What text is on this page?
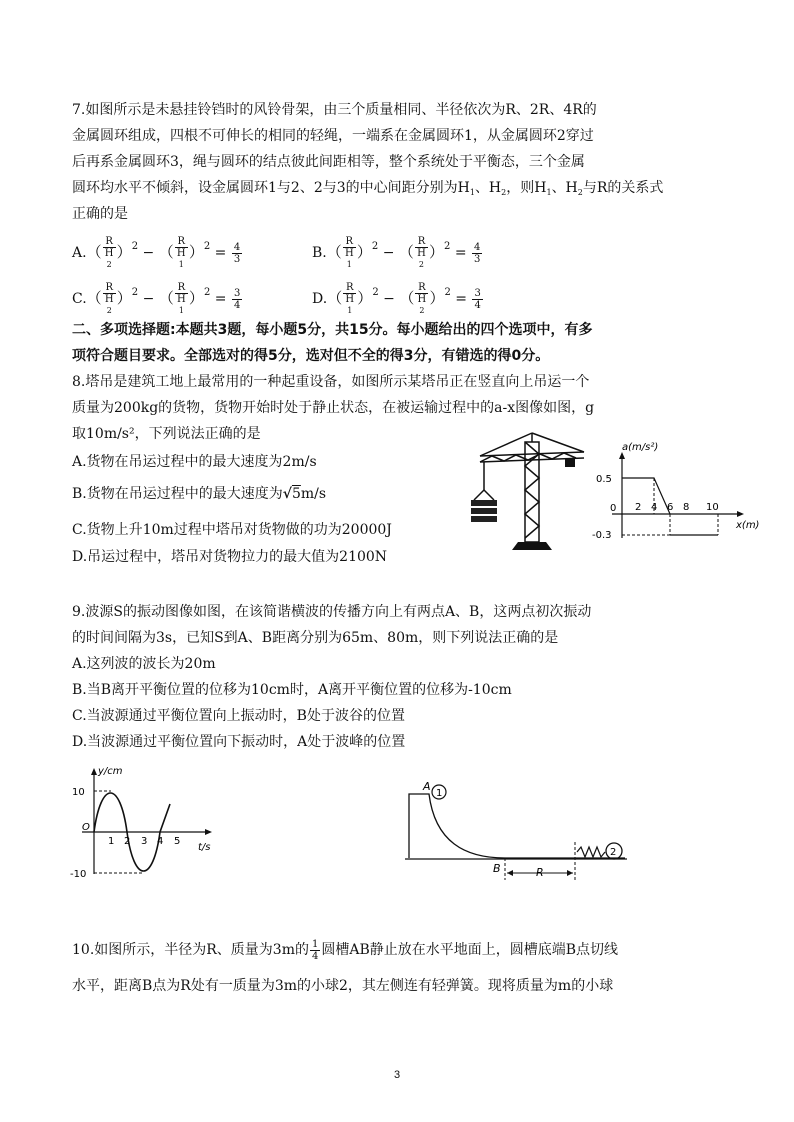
7.如图所示是未悬挂铃铛时的风铃骨架，由三个质量相同、半径依次为R、2R、4R的
金属圆环组成，四根不可伸长的相同的轻绳，一端系在金属圆环1，从金属圆环2穿过
后再系金属圆环3，绳与圆环的结点彼此间距相等，整个系统处于平衡态，三个金属
圆环均水平不倾斜，设金属圆环1与2、2与3的中心间距分别为$H_1$、$H_2$，则$H_1$、$H_2$与R的关系式
正确的是
A.（ R
H
2 ）$^2$ − （ R
H
1 ）$^2 = \frac{4}{3}$	B.（ R
H
1 ）$^2$ − （ R
H
2 ）$^2 = \frac{4}{3}$
C.（ R
H
2 ）$^2$ − （ R
H
1 ）$^2 = \frac{3}{4}$	D.（ R
H
1 ）$^2$ − （ R
H
2 ）$^2 = \frac{3}{4}$
二、多项选择题:本题共3题，每小题5分，共15分。每小题给出的四个选项中，有多
项符合题目要求。全部选对的得5分，选对但不全的得3分，有错选的得0分。
8.塔吊是建筑工地上最常用的一种起重设备，如图所示某塔吊正在竖直向上吊运一个
质量为200kg的货物，货物开始时处于静止状态，在被运输过程中的a-x图像如图，g
取10m/s²，下列说法正确的是
A.货物在吊运过程中的最大速度为2m/s
B.货物在吊运过程中的最大速度为√5m/s
C.货物上升10m过程中塔吊对货物做的功为20000J
D.吊运过程中，塔吊对货物拉力的最大值为2100N
a(m/s²)
x(m)
0.5
0
-0.3
2 4 6 8 10
9.波源S的振动图像如图，在该简谐横波的传播方向上有两点A、B，这两点初次振动
的时间间隔为3s，已知S到A、B距离分别为65m、80m，则下列说法正确的是
A.这列波的波长为20m
B.当B离开平衡位置的位移为10cm时，A离开平衡位置的位移为-10cm
C.当波源通过平衡位置向上振动时，B处于波谷的位置
D.当波源通过平衡位置向下振动时，A处于波峰的位置
y/cm
t/s
10
O
-10
1 2 3 4 5
A
1
B	R
2
10.如图所示，半径为R、质量为3m的 $\frac{1}{4}$ 圆槽AB静止放在水平地面上，圆槽底端B点切线
水平，距离B点为R处有一质量为3m的小球2，其左侧连有轻弹簧。现将质量为m的小球
3
